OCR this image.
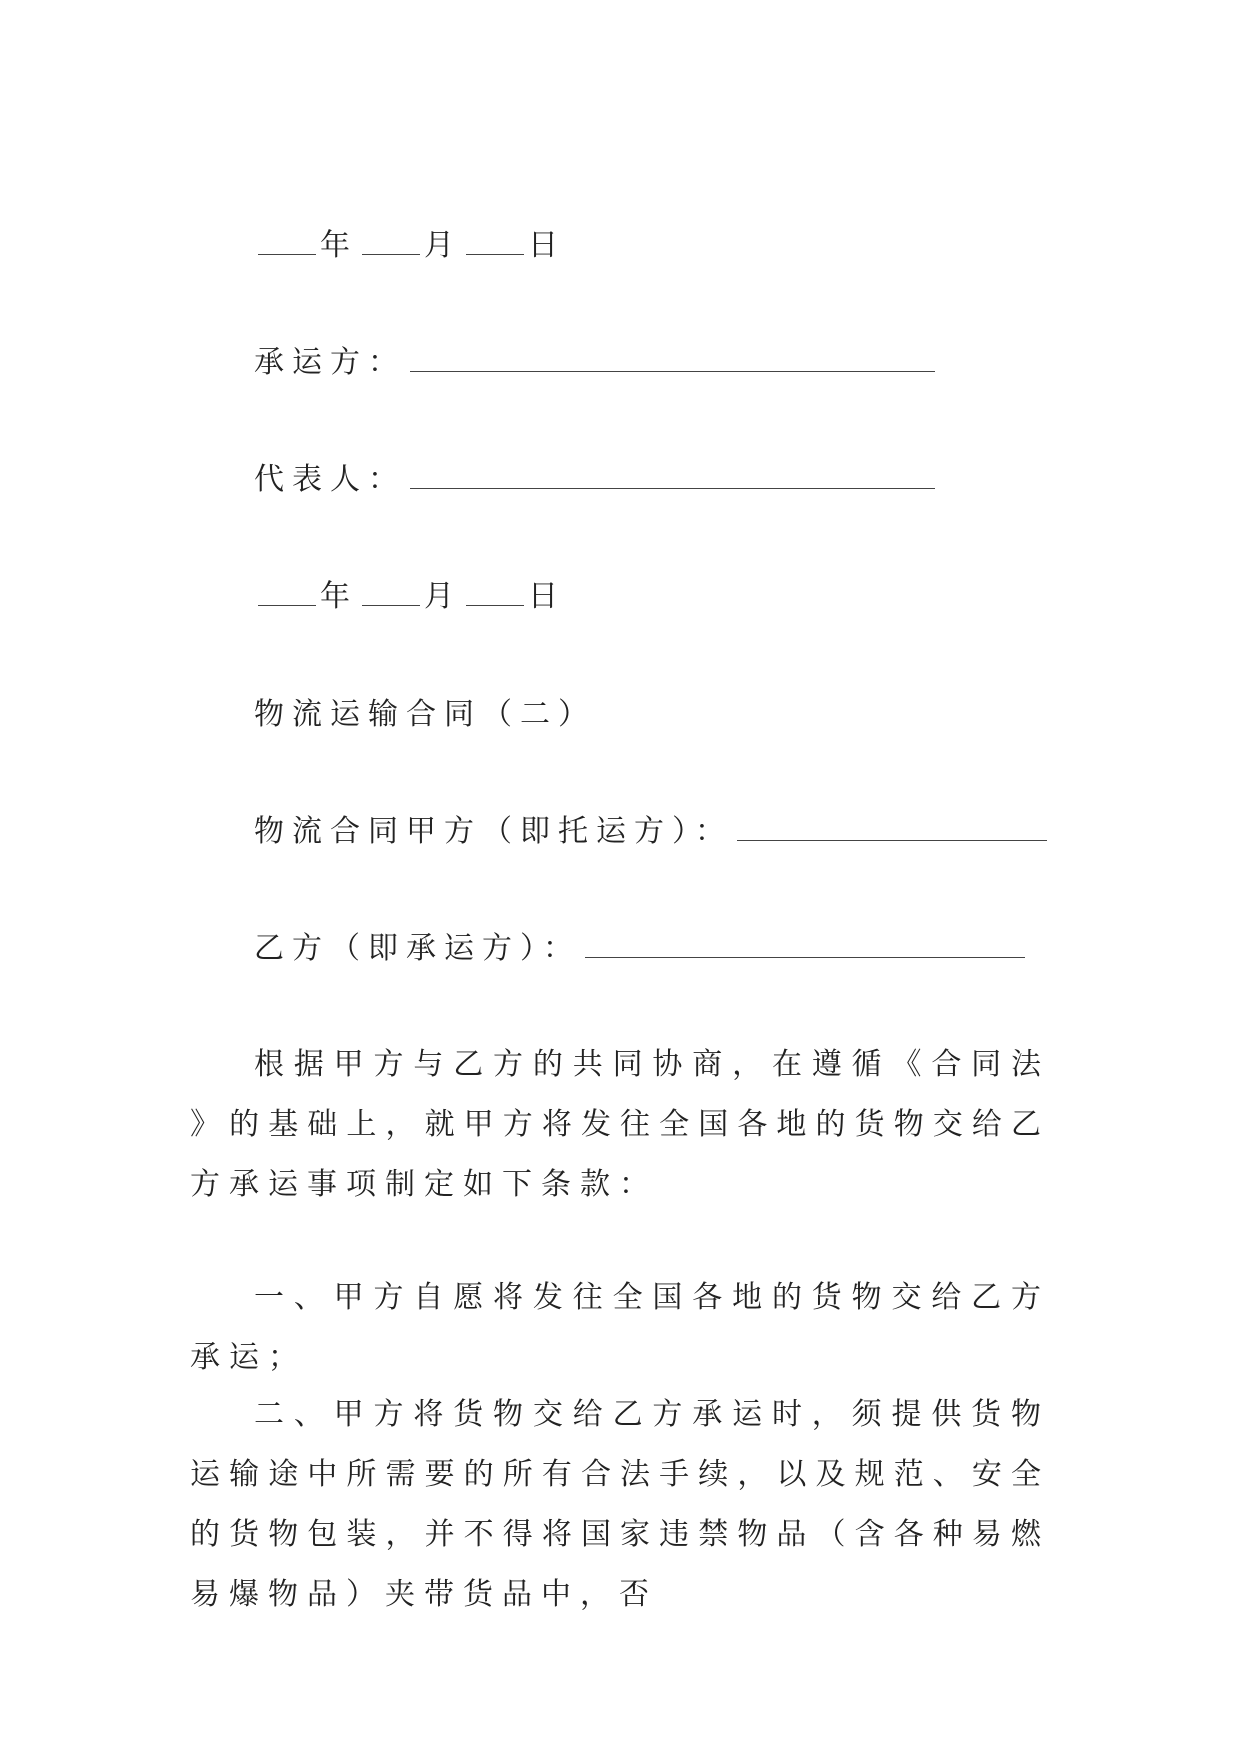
年 月 日
承运方：
代表人：
年 月 日
物流运输合同（二）
物流合同甲方（即托运方）：
乙方（即承运方）：
根据甲方与乙方的共同协商，在遵循《合同法 》的基础上，就甲方将发往全国各地的货物交给乙方承运事项制定如下条款：
一、甲方自愿将发往全国各地的货物交给乙方承运；
二、甲方将货物交给乙方承运时，须提供货物运输途中所需要的所有合法手续，以及规范、安全的货物包装，并不得将国家违禁物品（含各种易燃易爆物品）夹带货品中，否
